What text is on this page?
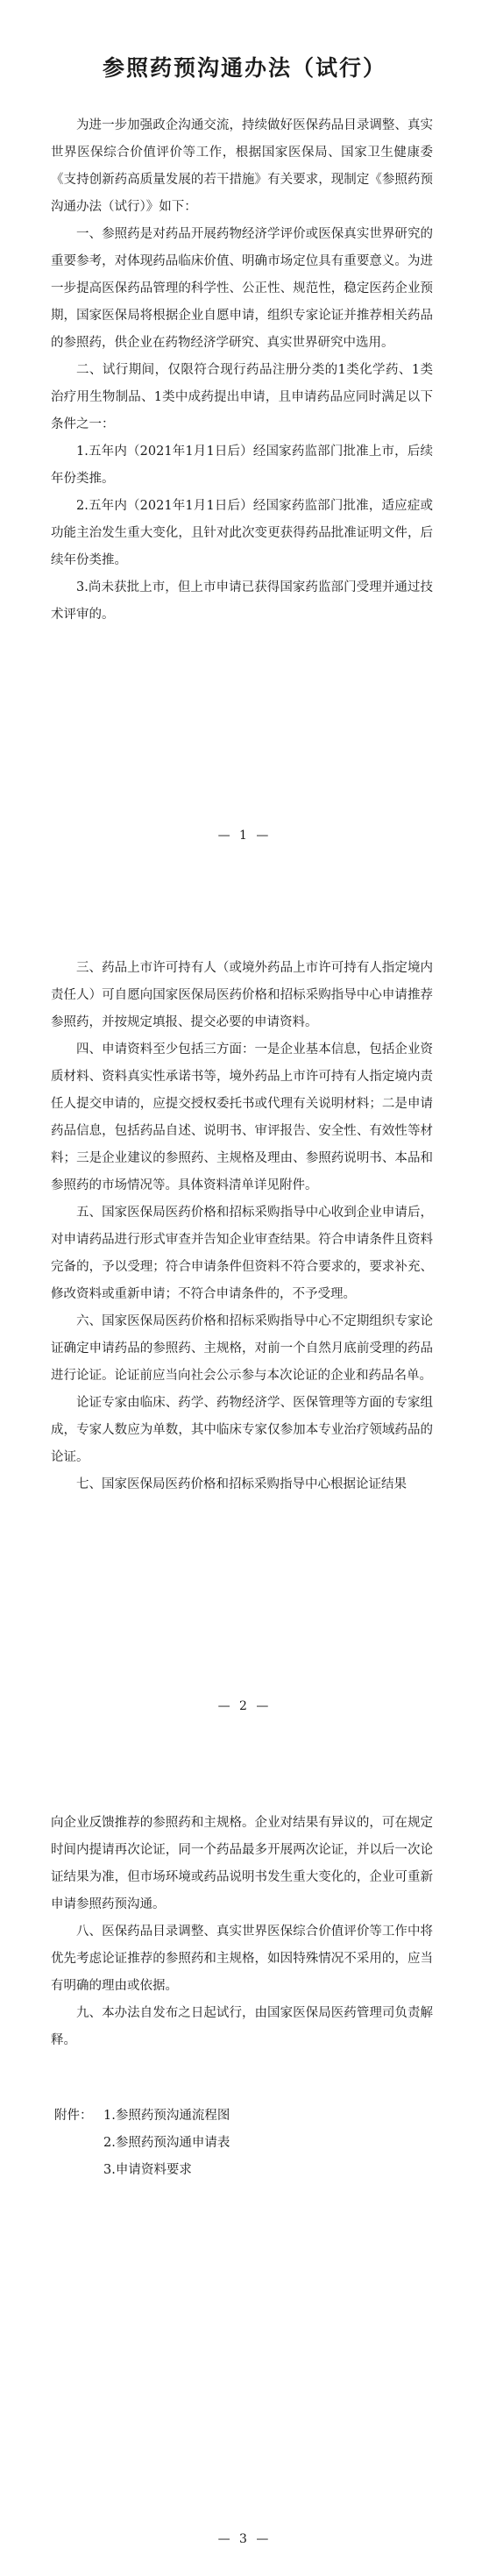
参照药预沟通办法（试行）

为进一步加强政企沟通交流，持续做好医保药品目录调整、真实世界医保综合价值评价等工作，根据国家医保局、国家卫生健康委《支持创新药高质量发展的若干措施》有关要求，现制定《参照药预沟通办法（试行）》如下：

一、参照药是对药品开展药物经济学评价或医保真实世界研究的重要参考，对体现药品临床价值、明确市场定位具有重要意义。为进一步提高医保药品管理的科学性、公正性、规范性，稳定医药企业预期，国家医保局将根据企业自愿申请，组织专家论证并推荐相关药品的参照药，供企业在药物经济学研究、真实世界研究中选用。

二、试行期间，仅限符合现行药品注册分类的1类化学药、1类治疗用生物制品、1类中成药提出申请，且申请药品应同时满足以下条件之一：

1.五年内（2021年1月1日后）经国家药监部门批准上市，后续年份类推。

2.五年内（2021年1月1日后）经国家药监部门批准，适应症或功能主治发生重大变化，且针对此次变更获得药品批准证明文件，后续年份类推。

3.尚未获批上市，但上市申请已获得国家药监部门受理并通过技术评审的。

— 1 —

三、药品上市许可持有人（或境外药品上市许可持有人指定境内责任人）可自愿向国家医保局医药价格和招标采购指导中心申请推荐参照药，并按规定填报、提交必要的申请资料。

四、申请资料至少包括三方面：一是企业基本信息，包括企业资质材料、资料真实性承诺书等，境外药品上市许可持有人指定境内责任人提交申请的，应提交授权委托书或代理有关说明材料；二是申请药品信息，包括药品自述、说明书、审评报告、安全性、有效性等材料；三是企业建议的参照药、主规格及理由、参照药说明书、本品和参照药的市场情况等。具体资料清单详见附件。

五、国家医保局医药价格和招标采购指导中心收到企业申请后，对申请药品进行形式审查并告知企业审查结果。符合申请条件且资料完备的，予以受理；符合申请条件但资料不符合要求的，要求补充、修改资料或重新申请；不符合申请条件的，不予受理。

六、国家医保局医药价格和招标采购指导中心不定期组织专家论证确定申请药品的参照药、主规格，对前一个自然月底前受理的药品进行论证。论证前应当向社会公示参与本次论证的企业和药品名单。

论证专家由临床、药学、药物经济学、医保管理等方面的专家组成，专家人数应为单数，其中临床专家仅参加本专业治疗领域药品的论证。

七、国家医保局医药价格和招标采购指导中心根据论证结果

— 2 —

向企业反馈推荐的参照药和主规格。企业对结果有异议的，可在规定时间内提请再次论证，同一个药品最多开展两次论证，并以后一次论证结果为准，但市场环境或药品说明书发生重大变化的，企业可重新申请参照药预沟通。

八、医保药品目录调整、真实世界医保综合价值评价等工作中将优先考虑论证推荐的参照药和主规格，如因特殊情况不采用的，应当有明确的理由或依据。

九、本办法自发布之日起试行，由国家医保局医药管理司负责解释。

附件： 1.参照药预沟通流程图
2.参照药预沟通申请表
3.申请资料要求
— 3 —
